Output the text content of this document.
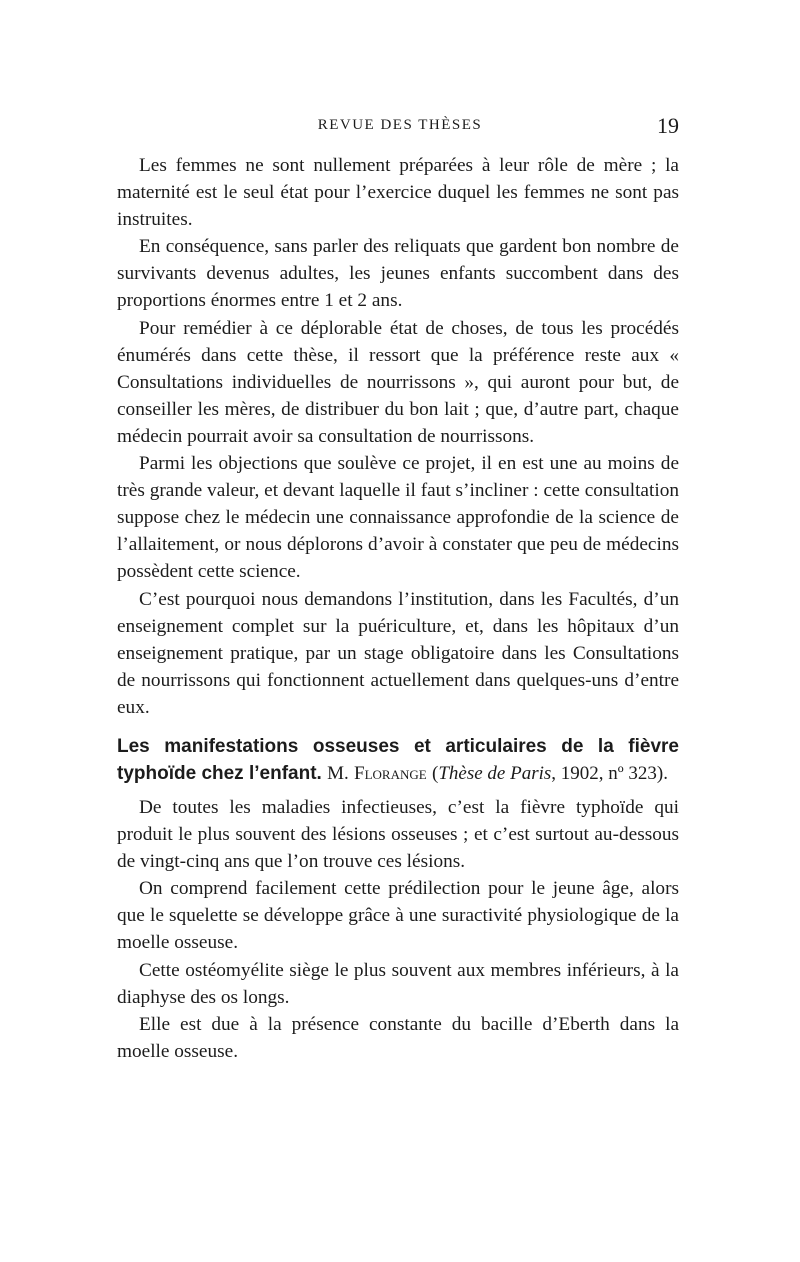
REVUE DES THÈSES	19

Les femmes ne sont nullement préparées à leur rôle de mère ; la maternité est le seul état pour l’exercice duquel les femmes ne sont pas instruites.

En conséquence, sans parler des reliquats que gardent bon nombre de survivants devenus adultes, les jeunes enfants succombent dans des proportions énormes entre 1 et 2 ans.

Pour remédier à ce déplorable état de choses, de tous les procédés énumérés dans cette thèse, il ressort que la préférence reste aux « Consultations individuelles de nourrissons », qui auront pour but, de conseiller les mères, de distribuer du bon lait ; que, d’autre part, chaque médecin pourrait avoir sa consultation de nourrissons.

Parmi les objections que soulève ce projet, il en est une au moins de très grande valeur, et devant laquelle il faut s’incliner : cette consultation suppose chez le médecin une connaissance approfondie de la science de l’allaitement, or nous déplorons d’avoir à constater que peu de médecins possèdent cette science.

C’est pourquoi nous demandons l’institution, dans les Facultés, d’un enseignement complet sur la puériculture, et, dans les hôpitaux d’un enseignement pratique, par un stage obligatoire dans les Consultations de nourrissons qui fonctionnent actuellement dans quelques-uns d’entre eux.

Les manifestations osseuses et articulaires de la fièvre typhoïde chez l’enfant. M. Florange (Thèse de Paris, 1902, nº 323).

De toutes les maladies infectieuses, c’est la fièvre typhoïde qui produit le plus souvent des lésions osseuses ; et c’est surtout au-dessous de vingt-cinq ans que l’on trouve ces lésions.

On comprend facilement cette prédilection pour le jeune âge, alors que le squelette se développe grâce à une suractivité physiologique de la moelle osseuse.

Cette ostéomyélite siège le plus souvent aux membres inférieurs, à la diaphyse des os longs.

Elle est due à la présence constante du bacille d’Eberth dans la moelle osseuse.
